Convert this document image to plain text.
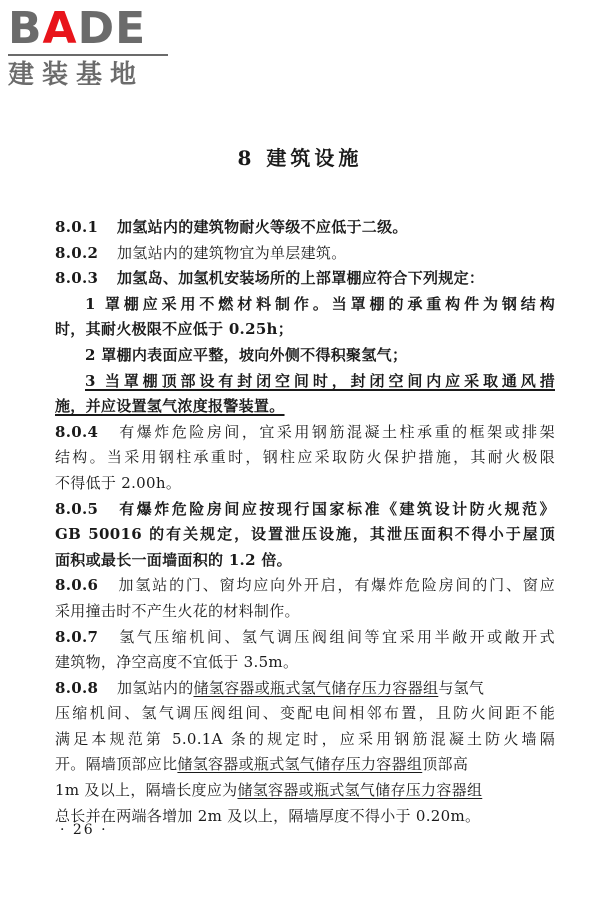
BADE
建装基地
8 建筑设施
8.0.1 加氢站内的建筑物耐火等级不应低于二级。
8.0.2 加氢站内的建筑物宜为单层建筑。
8.0.3 加氢岛、加氢机安装场所的上部罩棚应符合下列规定：
1 罩棚应采用不燃材料制作。当罩棚的承重构件为钢结构
时，其耐火极限不应低于 0.25h；
2 罩棚内表面应平整，坡向外侧不得积聚氢气；
3 当罩棚顶部设有封闭空间时，封闭空间内应采取通风措
施，并应设置氢气浓度报警装置。
8.0.4 有爆炸危险房间，宜采用钢筋混凝土柱承重的框架或排架
结构。当采用钢柱承重时，钢柱应采取防火保护措施，其耐火极限
不得低于 2.00h。
8.0.5 有爆炸危险房间应按现行国家标准《建筑设计防火规范》
GB 50016 的有关规定，设置泄压设施，其泄压面积不得小于屋顶
面积或最长一面墙面积的 1.2 倍。
8.0.6 加氢站的门、窗均应向外开启，有爆炸危险房间的门、窗应
采用撞击时不产生火花的材料制作。
8.0.7 氢气压缩机间、氢气调压阀组间等宜采用半敞开或敞开式
建筑物，净空高度不宜低于 3.5m。
8.0.8 加氢站内的储氢容器或瓶式氢气储存压力容器组与氢气
压缩机间、氢气调压阀组间、变配电间相邻布置，且防火间距不能
满足本规范第 5.0.1A 条的规定时，应采用钢筋混凝土防火墙隔
开。隔墙顶部应比储氢容器或瓶式氢气储存压力容器组顶部高
1m 及以上，隔墙长度应为储氢容器或瓶式氢气储存压力容器组
总长并在两端各增加 2m 及以上，隔墙厚度不得小于 0.20m。
· 26 ·
